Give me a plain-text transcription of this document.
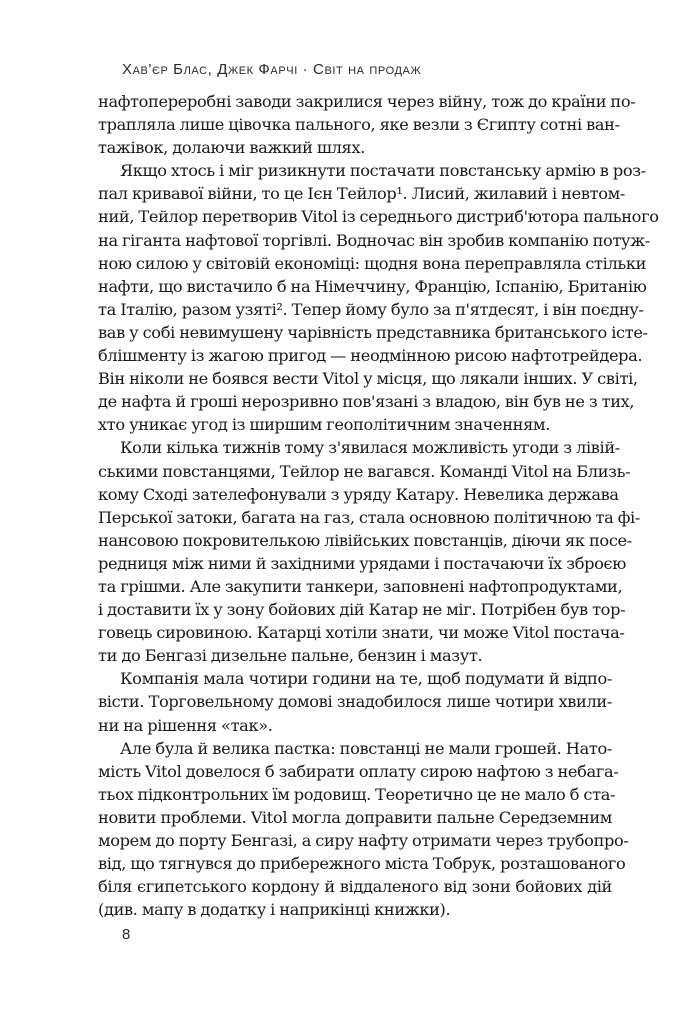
Хав'єр Блас, Джек Фарчі · Світ на продаж
нафтопереробні заводи закрилися через війну, тож до країни по-
трапляла лише цівочка пального, яке везли з Єгипту сотні ван-
тажівок, долаючи важкий шлях.
Якщо хтось і міг ризикнути постачати повстанську армію в роз-
пал кривавої війни, то це Ієн Тейлор¹. Лисий, жилавий і невтом-
ний, Тейлор перетворив Vitol із середнього дистриб'ютора пального
на гіганта нафтової торгівлі. Водночас він зробив компанію потуж-
ною силою у світовій економіці: щодня вона переправляла стільки
нафти, що вистачило б на Німеччину, Францію, Іспанію, Британію
та Італію, разом узяті². Тепер йому було за п'ятдесят, і він поєдну-
вав у собі невимушену чарівність представника британського істе-
блішменту із жагою пригод — неодмінною рисою нафтотрейдера.
Він ніколи не боявся вести Vitol у місця, що лякали інших. У світі,
де нафта й гроші нерозривно пов'язані з владою, він був не з тих,
хто уникає угод із ширшим геополітичним значенням.
Коли кілька тижнів тому з'явилася можливість угоди з лівій-
ськими повстанцями, Тейлор не вагався. Команді Vitol на Близь-
кому Сході зателефонували з уряду Катару. Невелика держава
Перської затоки, багата на газ, стала основною політичною та фі-
нансовою покровителькою лівійських повстанців, діючи як посе-
редниця між ними й західними урядами і постачаючи їх зброєю
та грішми. Але закупити танкери, заповнені нафтопродуктами,
і доставити їх у зону бойових дій Катар не міг. Потрібен був тор-
говець сировиною. Катарці хотіли знати, чи може Vitol постача-
ти до Бенгазі дизельне пальне, бензин і мазут.
Компанія мала чотири години на те, щоб подумати й відпо-
вісти. Торговельному домові знадобилося лише чотири хвили-
ни на рішення «так».
Але була й велика пастка: повстанці не мали грошей. Нато-
мість Vitol довелося б забирати оплату сирою нафтою з небага-
тьох підконтрольних їм родовищ. Теоретично це не мало б ста-
новити проблеми. Vitol могла доправити пальне Середземним
морем до порту Бенгазі, а сиру нафту отримати через трубопро-
від, що тягнувся до прибережного міста Тобрук, розташованого
біля єгипетського кордону й віддаленого від зони бойових дій
(див. мапу в додатку і наприкінці книжки).
8
